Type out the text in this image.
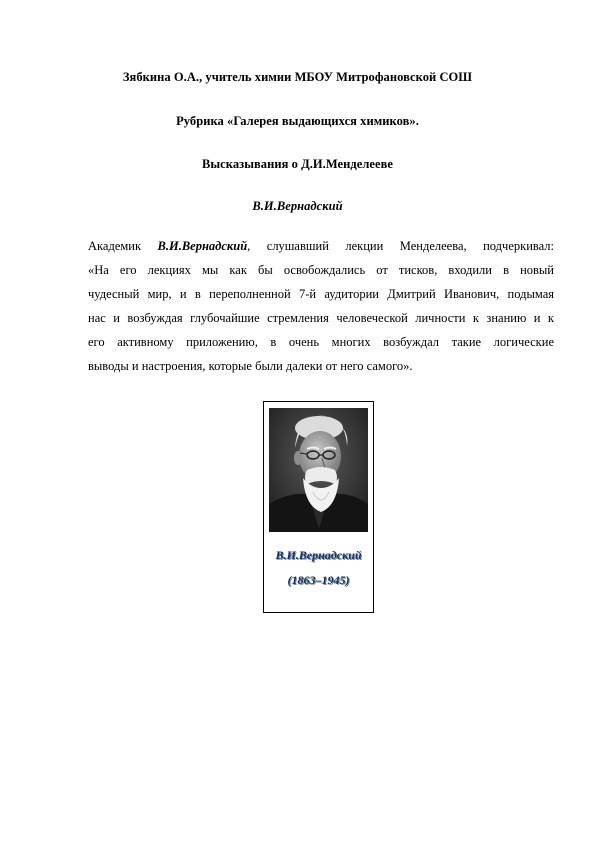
Зябкина О.А., учитель химии МБОУ Митрофановской СОШ
Рубрика «Галерея выдающихся химиков».
Высказывания о Д.И.Менделееве
В.И.Вернадский
Академик В.И.Вернадский, слушавший лекции Менделеева, подчеркивал:
«На его лекциях мы как бы освобождались от тисков, входили в новый
чудесный мир, и в переполненной 7-й аудитории Дмитрий Иванович, подымая
нас и возбуждая глубочайшие стремления человеческой личности к знанию и к
его активному приложению, в очень многих возбуждал такие логические
выводы и настроения, которые были далеки от него самого».
В.И.Вернадский
(1863–1945)
